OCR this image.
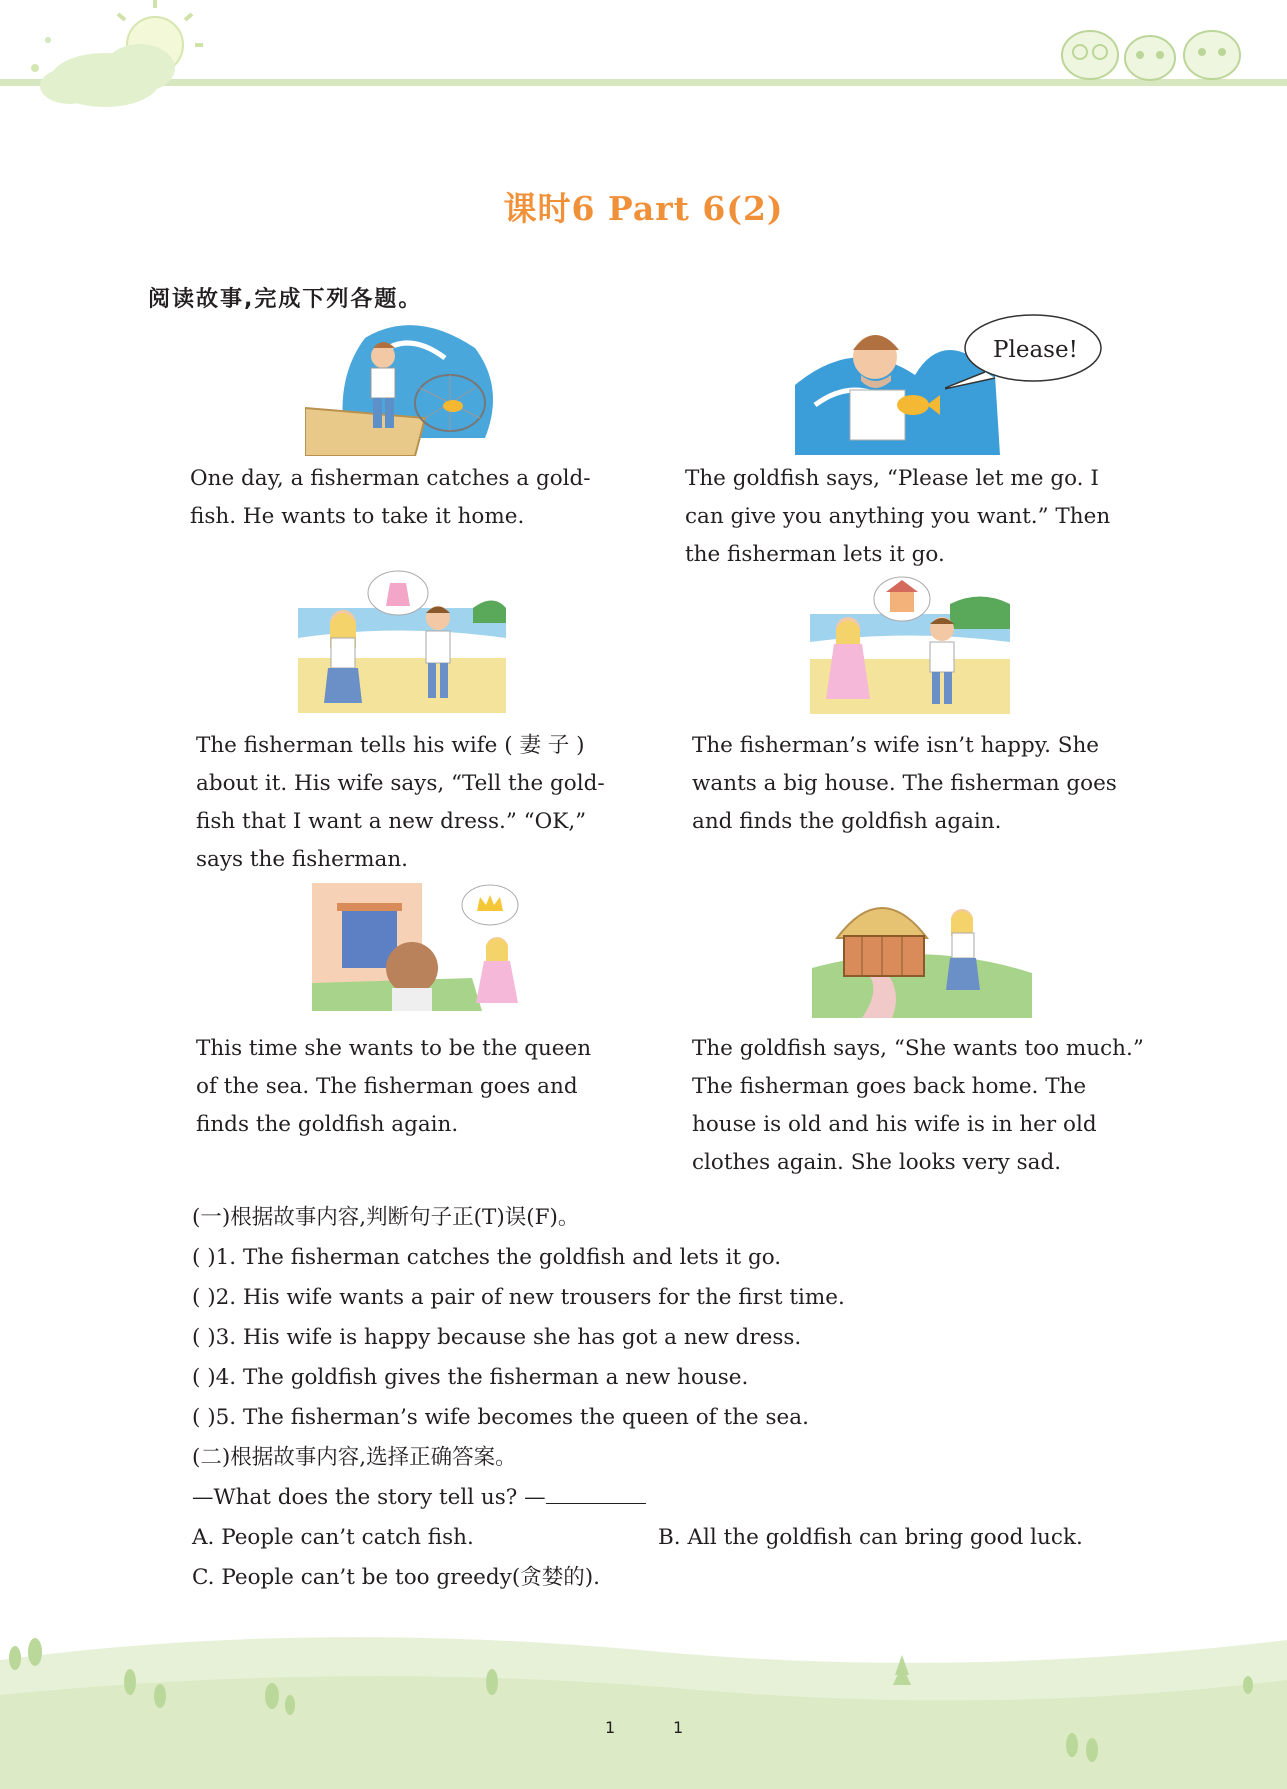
课时6 Part 6(2)
阅读故事,完成下列各题。
Please!
One day, a fisherman catches a gold-
fish. He wants to take it home.
The goldfish says, “Please let me go. I
can give you anything you want.” Then
the fisherman lets it go.
The fisherman tells his wife ( 妻 子 )
about it. His wife says, “Tell the gold-
fish that I want a new dress.” “OK,”
says the fisherman.
The fisherman’s wife isn’t happy. She
wants a big house. The fisherman goes
and finds the goldfish again.
This time she wants to be the queen
of the sea. The fisherman goes and
finds the goldfish again.
The goldfish says, “She wants too much.”
The fisherman goes back home. The
house is old and his wife is in her old
clothes again. She looks very sad.
(一)根据故事内容,判断句子正(T)误(F)。
( )1. The fisherman catches the goldfish and lets it go.
( )2. His wife wants a pair of new trousers for the first time.
( )3. His wife is happy because she has got a new dress.
( )4. The goldfish gives the fisherman a new house.
( )5. The fisherman’s wife becomes the queen of the sea.
(二)根据故事内容,选择正确答案。
—What does the story tell us? —
A. People can’t catch fish.	B. All the goldfish can bring good luck.
C. People can’t be too greedy(贪婪的).
1	1
